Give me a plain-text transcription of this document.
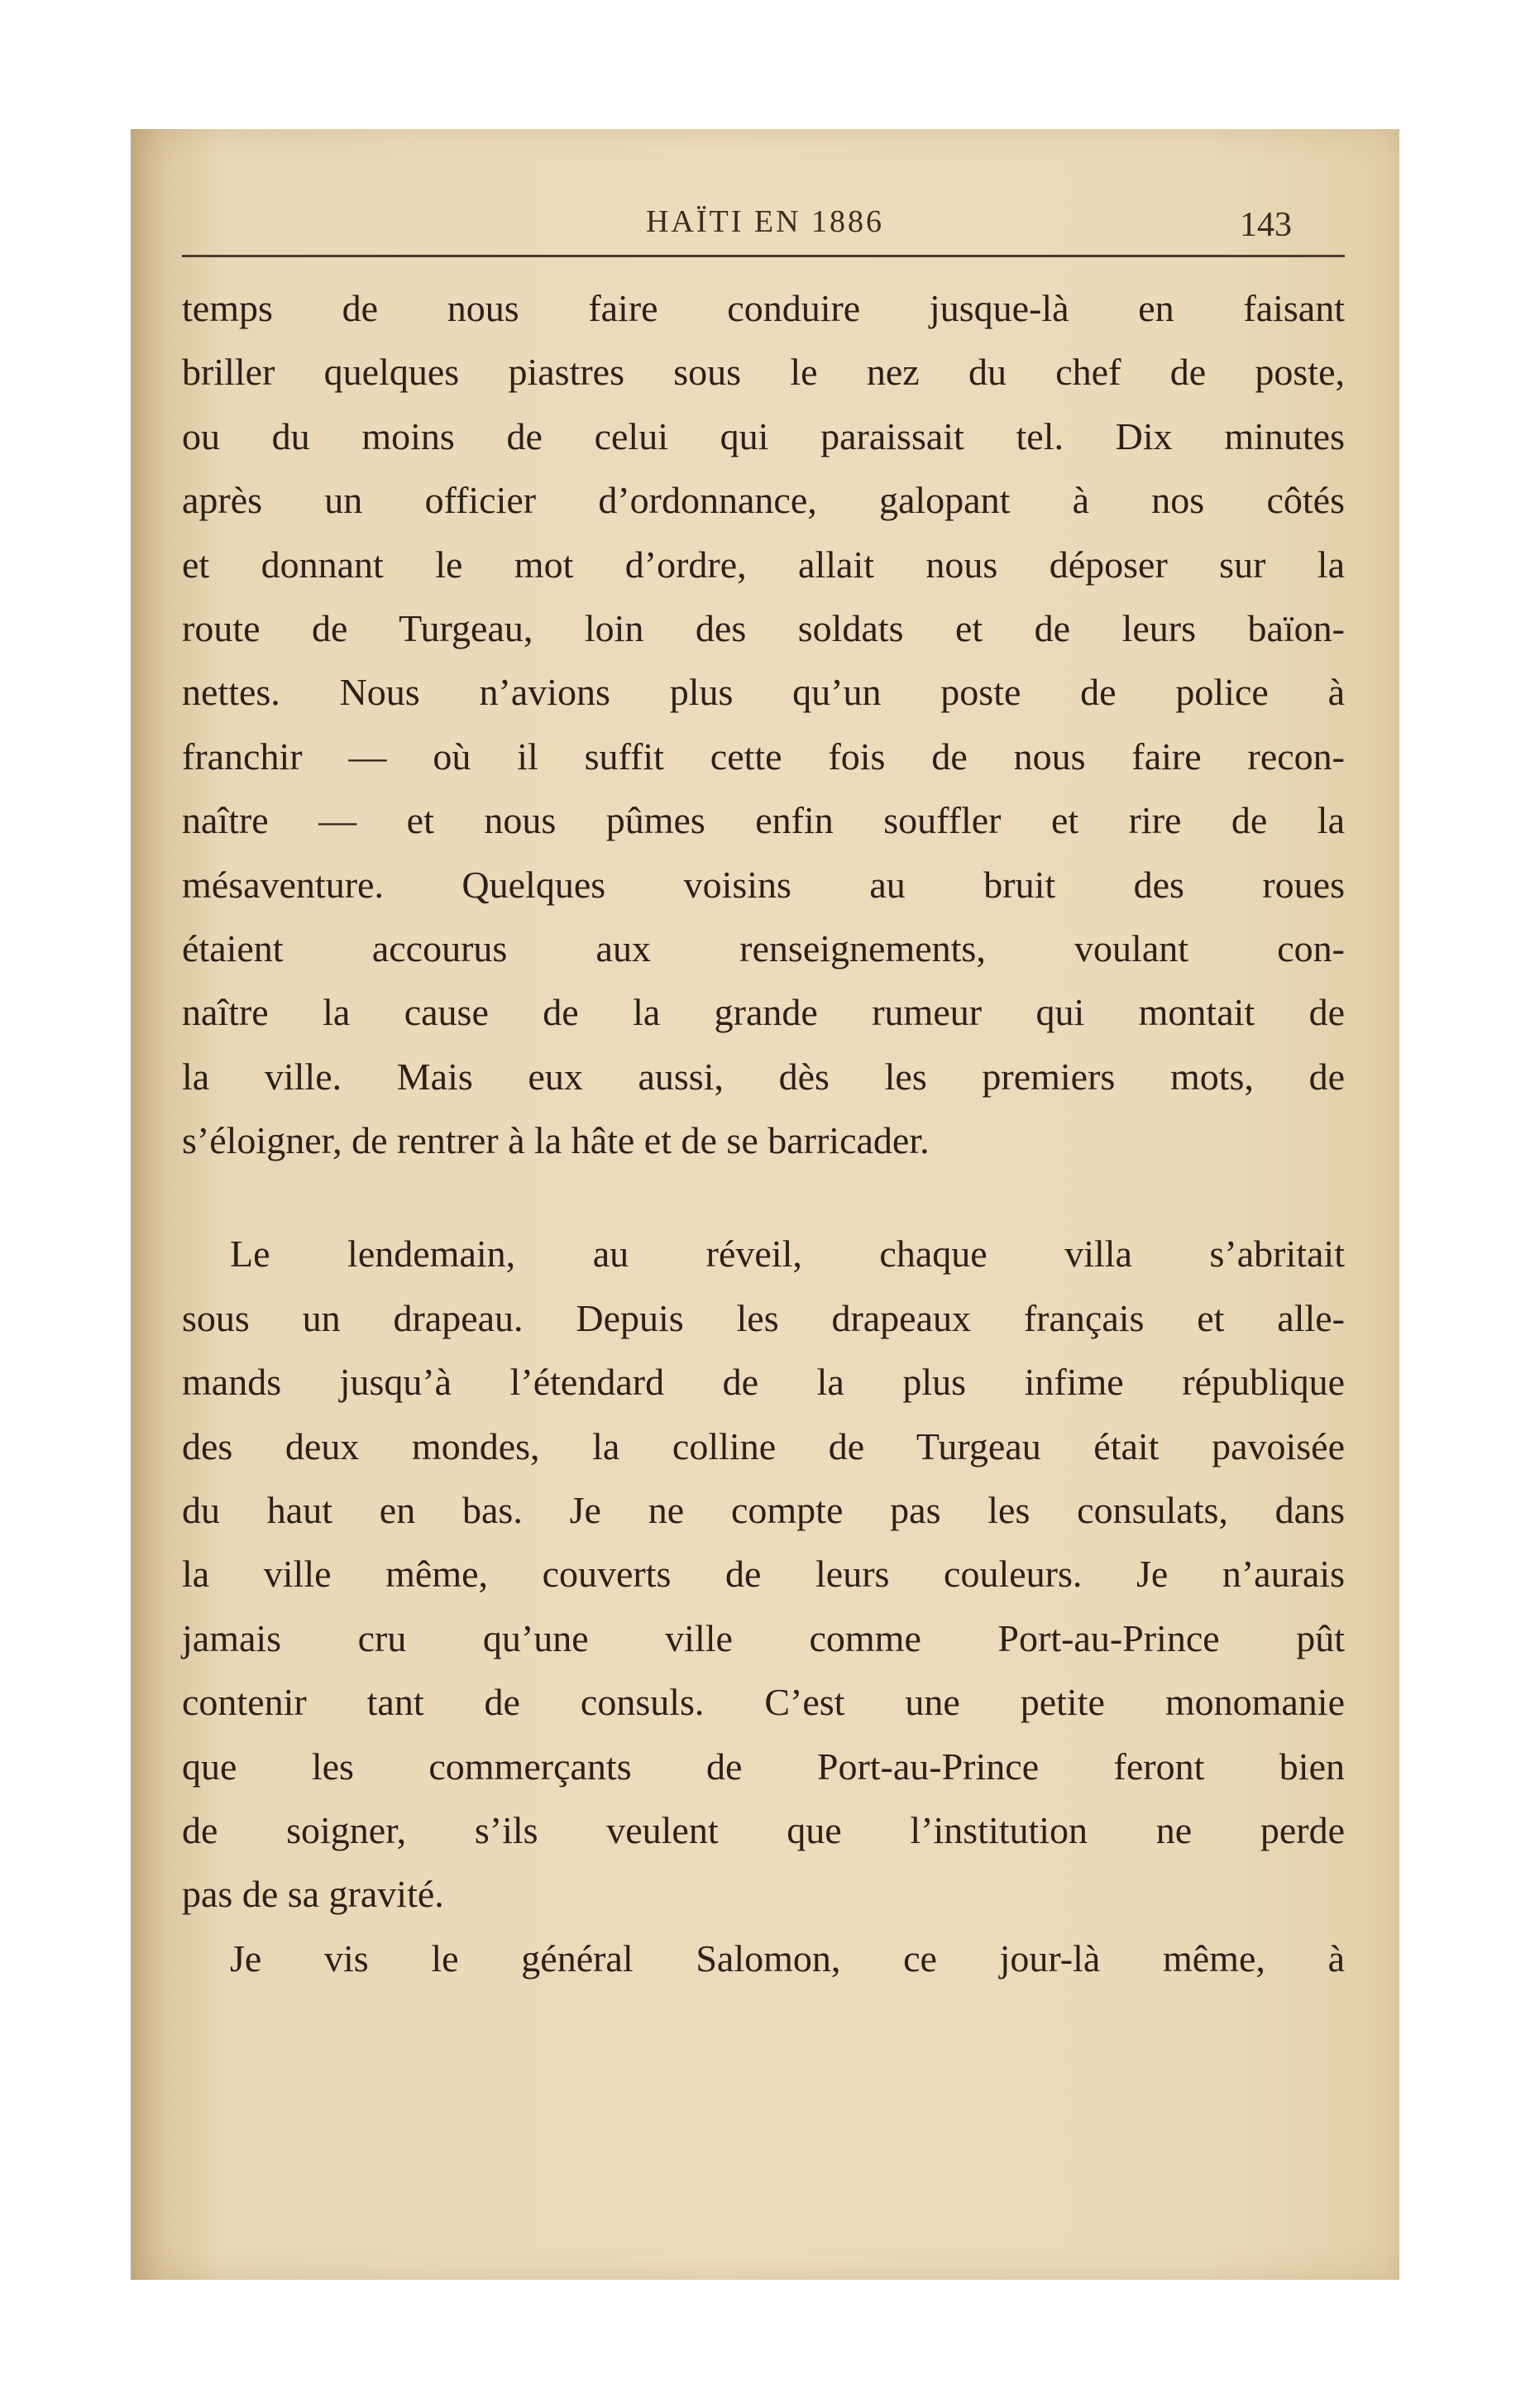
HAÏTI EN 1886	143
temps de nous faire conduire jusque-là en faisant
briller quelques piastres sous le nez du chef de poste,
ou du moins de celui qui paraissait tel. Dix minutes
après un officier d’ordonnance, galopant à nos côtés
et donnant le mot d’ordre, allait nous déposer sur la
route de Turgeau, loin des soldats et de leurs baïon-
nettes. Nous n’avions plus qu’un poste de police à
franchir — où il suffit cette fois de nous faire recon-
naître — et nous pûmes enfin souffler et rire de la
mésaventure. Quelques voisins au bruit des roues
étaient accourus aux renseignements, voulant con-
naître la cause de la grande rumeur qui montait de
la ville. Mais eux aussi, dès les premiers mots, de
s’éloigner, de rentrer à la hâte et de se barricader.
Le lendemain, au réveil, chaque villa s’abritait
sous un drapeau. Depuis les drapeaux français et alle-
mands jusqu’à l’étendard de la plus infime république
des deux mondes, la colline de Turgeau était pavoisée
du haut en bas. Je ne compte pas les consulats, dans
la ville même, couverts de leurs couleurs. Je n’aurais
jamais cru qu’une ville comme Port-au-Prince pût
contenir tant de consuls. C’est une petite monomanie
que les commerçants de Port-au-Prince feront bien
de soigner, s’ils veulent que l’institution ne perde
pas de sa gravité.
Je vis le général Salomon, ce jour-là même, à
